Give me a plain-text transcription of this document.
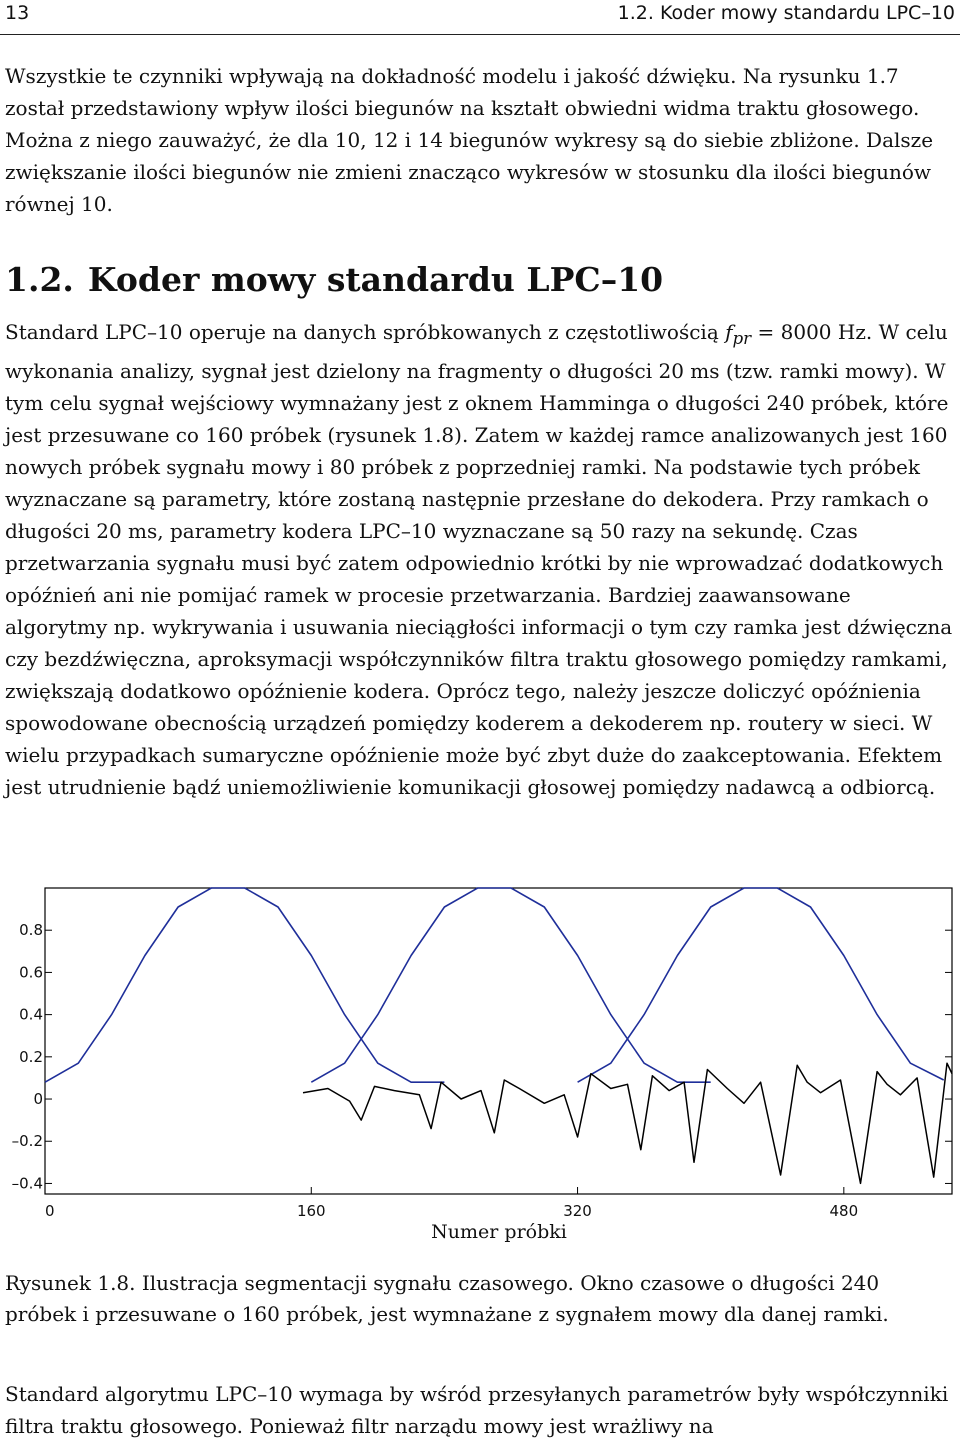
13	1.2. Koder mowy standardu LPC–10

Wszystkie te czynniki wpływają na dokładność modelu i jakość dźwięku. Na rysunku 1.7 został przedstawiony wpływ ilości biegunów na kształt obwiedni widma traktu głosowego. Można z niego zauważyć, że dla 10, 12 i 14 biegunów wykresy są do siebie zbliżone. Dalsze zwiększanie ilości biegunów nie zmieni znacząco wykresów w stosunku dla ilości biegunów równej 10.

1.2. Koder mowy standardu LPC–10

Standard LPC–10 operuje na danych spróbkowanych z częstotliwością $f_{pr} = 8000$ Hz. W celu wykonania analizy, sygnał jest dzielony na fragmenty o długości 20 ms (tzw. ramki mowy). W tym celu sygnał wejściowy wymnażany jest z oknem Hamminga o długości 240 próbek, które jest przesuwane co 160 próbek (rysunek 1.8). Zatem w każdej ramce analizowanych jest 160 nowych próbek sygnału mowy i 80 próbek z poprzedniej ramki. Na podstawie tych próbek wyznaczane są parametry, które zostaną następnie przesłane do dekodera. Przy ramkach o długości 20 ms, parametry kodera LPC–10 wyznaczane są 50 razy na sekundę. Czas przetwarzania sygnału musi być zatem odpowiednio krótki by nie wprowadzać dodatkowych opóźnień ani nie pomijać ramek w procesie przetwarzania. Bardziej zaawansowane algorytmy np. wykrywania i usuwania nieciągłości informacji o tym czy ramka jest dźwięczna czy bezdźwięczna, aproksymacji współczynników filtra traktu głosowego pomiędzy ramkami, zwiększają dodatkowo opóźnienie kodera. Oprócz tego, należy jeszcze doliczyć opóźnienia spowodowane obecnością urządzeń pomiędzy koderem a dekoderem np. routery w sieci. W wielu przypadkach sumaryczne opóźnienie może być zbyt duże do zaakceptowania. Efektem jest utrudnienie bądź uniemożliwienie komunikacji głosowej pomiędzy nadawcą a odbiorcą.

0.8
0.6
0.4
0.2
0
–0.2
–0.4
0	160	320	480
Numer próbki

Rysunek 1.8. Ilustracja segmentacji sygnału czasowego. Okno czasowe o długości 240 próbek i przesuwane o 160 próbek, jest wymnażane z sygnałem mowy dla danej ramki.

Standard algorytmu LPC–10 wymaga by wśród przesyłanych parametrów były współczynniki filtra traktu głosowego. Ponieważ filtr narządu mowy jest wrażliwy na
